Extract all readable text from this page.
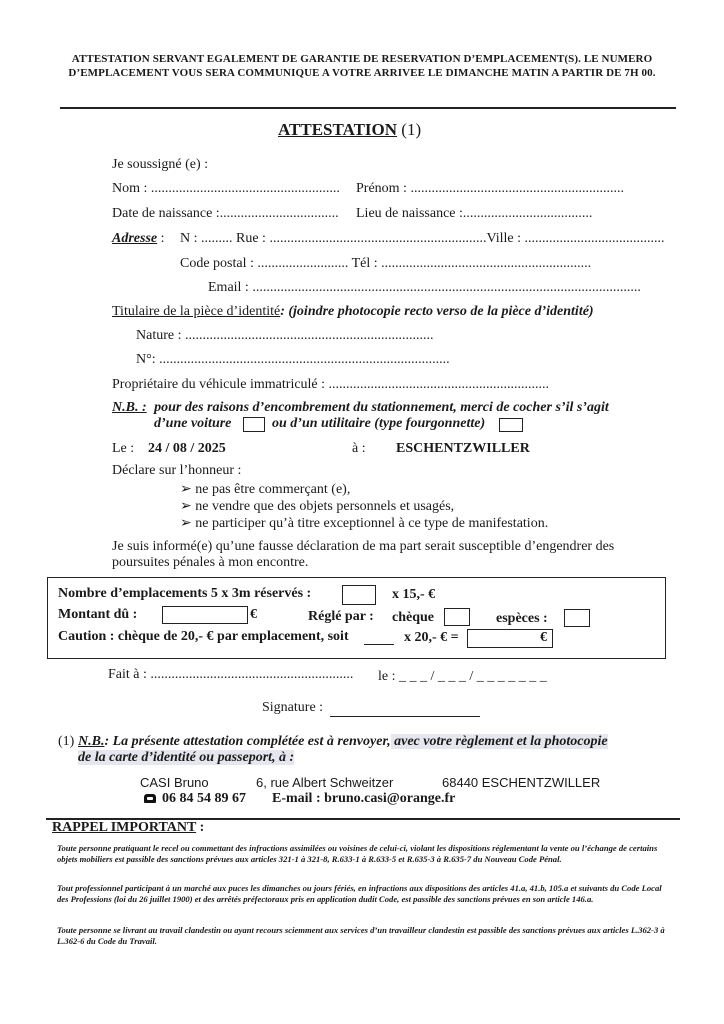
ATTESTATION SERVANT EGALEMENT DE GARANTIE DE RESERVATION D’EMPLACEMENT(S). LE NUMERO D’EMPLACEMENT VOUS SERA COMMUNIQUE A VOTRE ARRIVEE LE DIMANCHE MATIN A PARTIR DE 7H 00.
ATTESTATION (1)
Je soussigné (e) :
Nom : ...................................................... Prénom : .............................................................
Date de naissance :.................................. Lieu de naissance :.....................................
Adresse : N : ......... Rue : ..............................................................Ville : ........................................
Code postal : .......................... Tél : ............................................................
Email : ...............................................................................................................
Titulaire de la pièce d’identité: (joindre photocopie recto verso de la pièce d’identité)
Nature : .......................................................................
N°: ...................................................................................
Propriétaire du véhicule immatriculé : ...............................................................
N.B. : pour des raisons d’encombrement du stationnement, merci de cocher s’il s’agit
d’une voiture	ou d’un utilitaire (type fourgonnette)
Le : 24 / 08 / 2025	à : ESCHENTZWILLER
Déclare sur l’honneur :
➢ ne pas être commerçant (e),
➢ ne vendre que des objets personnels et usagés,
➢ ne participer qu’à titre exceptionnel à ce type de manifestation.
Je suis informé(e) qu’une fausse déclaration de ma part serait susceptible d’engendrer des
poursuites pénales à mon encontre.
Nombre d’emplacements 5 x 3m réservés :	x 15,- €
Montant dû :	€	Réglé par : chèque	espèces :
Caution : chèque de 20,- € par emplacement, soit	x 20,- € =	€
Fait à : .......................................................... le : _ _ _ / _ _ _ / _ _ _ _ _ _ _
Signature :
(1) N.B.: La présente attestation complétée est à renvoyer, avec votre règlement et la photocopie
de la carte d’identité ou passeport, à :
CASI Bruno	6, rue Albert Schweitzer	68440 ESCHENTZWILLER
06 84 54 89 67 E-mail : bruno.casi@orange.fr
RAPPEL IMPORTANT :
Toute personne pratiquant le recel ou commettant des infractions assimilées ou voisines de celui-ci, violant les dispositions réglementant la vente ou l’échange de certains objets mobiliers est passible des sanctions prévues aux articles 321-1 à 321-8, R.633-1 à R.633-5 et R.635-3 à R.635-7 du Nouveau Code Pénal.
Tout professionnel participant à un marché aux puces les dimanches ou jours fériés, en infractions aux dispositions des articles 41.a, 41.b, 105.a et suivants du Code Local des Professions (loi du 26 juillet 1900) et des arrêtés préfectoraux pris en application dudit Code, est passible des sanctions prévues en son article 146.a.
Toute personne se livrant au travail clandestin ou ayant recours sciemment aux services d’un travailleur clandestin est passible des sanctions prévues aux articles L.362-3 à L.362-6 du Code du Travail.
